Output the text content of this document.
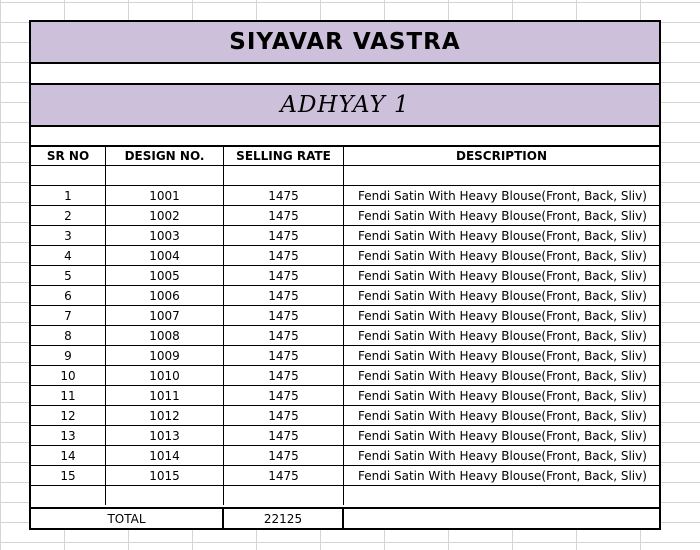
SIYAVAR VASTRA
ADHYAY 1
SR NO	DESIGN NO.	SELLING RATE	DESCRIPTION
1	1001	1475	Fendi Satin With Heavy Blouse(Front, Back, Sliv)
2	1002	1475	Fendi Satin With Heavy Blouse(Front, Back, Sliv)
3	1003	1475	Fendi Satin With Heavy Blouse(Front, Back, Sliv)
4	1004	1475	Fendi Satin With Heavy Blouse(Front, Back, Sliv)
5	1005	1475	Fendi Satin With Heavy Blouse(Front, Back, Sliv)
6	1006	1475	Fendi Satin With Heavy Blouse(Front, Back, Sliv)
7	1007	1475	Fendi Satin With Heavy Blouse(Front, Back, Sliv)
8	1008	1475	Fendi Satin With Heavy Blouse(Front, Back, Sliv)
9	1009	1475	Fendi Satin With Heavy Blouse(Front, Back, Sliv)
10	1010	1475	Fendi Satin With Heavy Blouse(Front, Back, Sliv)
11	1011	1475	Fendi Satin With Heavy Blouse(Front, Back, Sliv)
12	1012	1475	Fendi Satin With Heavy Blouse(Front, Back, Sliv)
13	1013	1475	Fendi Satin With Heavy Blouse(Front, Back, Sliv)
14	1014	1475	Fendi Satin With Heavy Blouse(Front, Back, Sliv)
15	1015	1475	Fendi Satin With Heavy Blouse(Front, Back, Sliv)
TOTAL	22125
